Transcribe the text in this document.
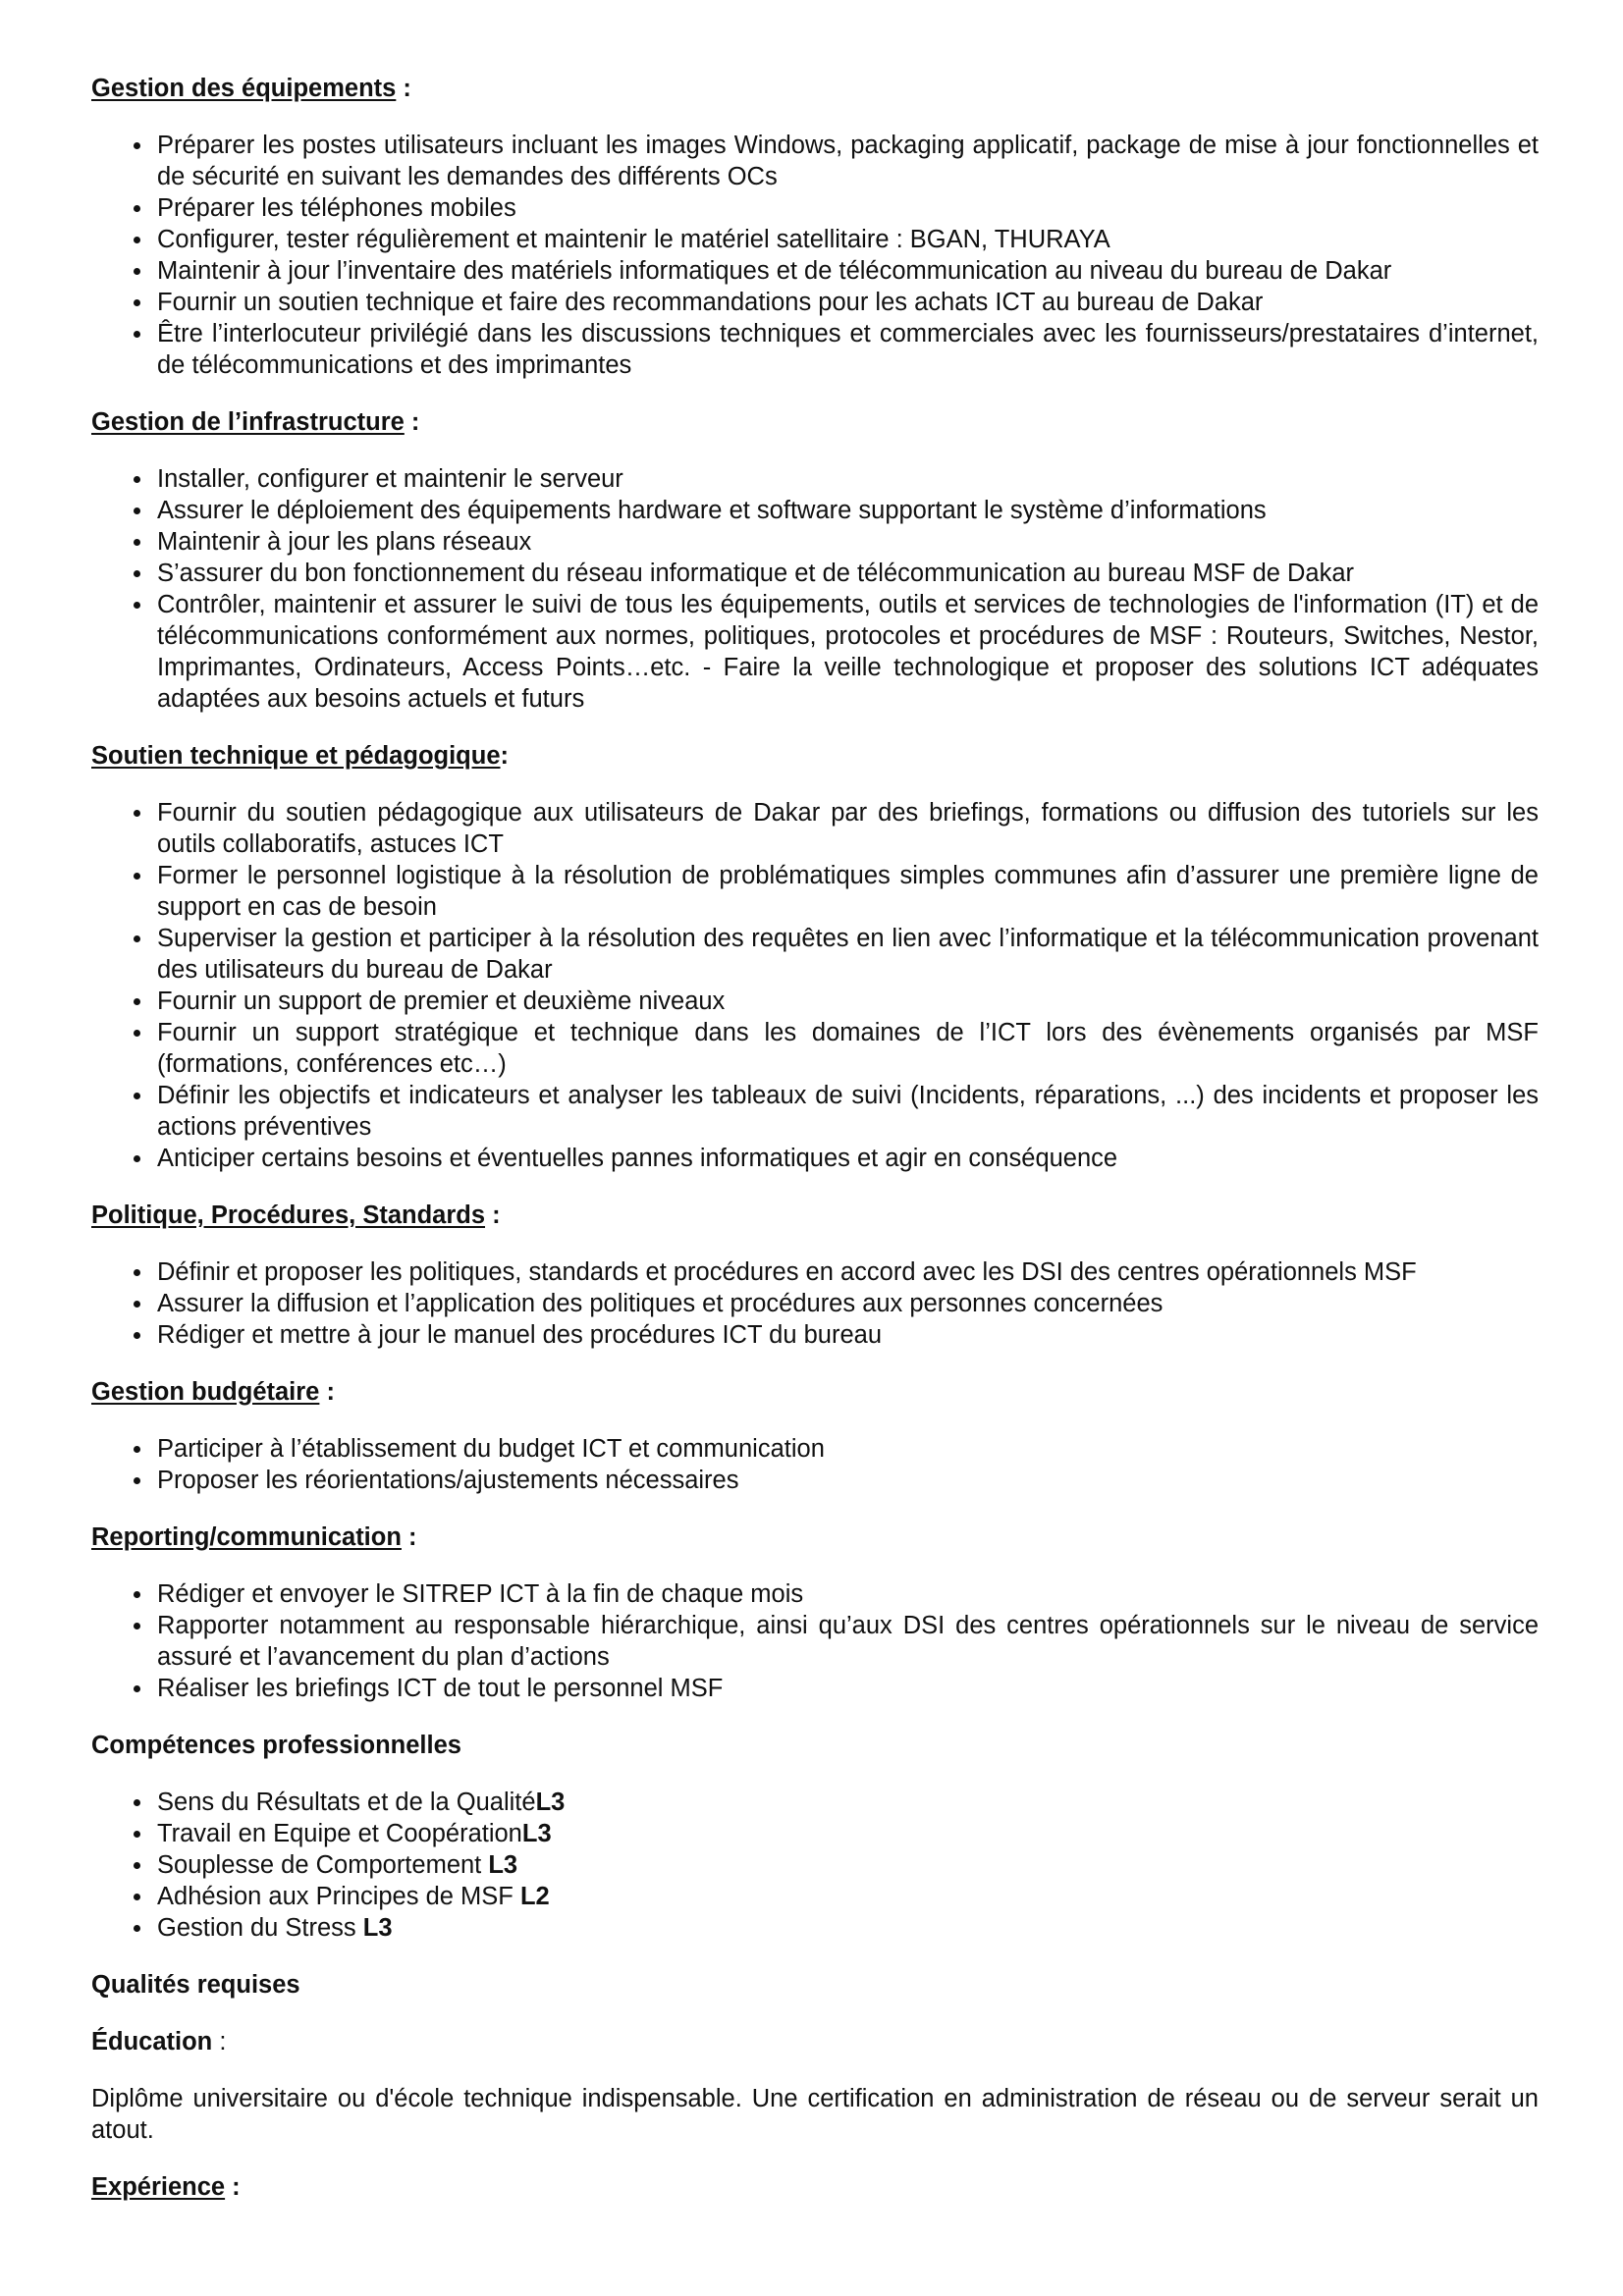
Gestion des équipements :
Préparer les postes utilisateurs incluant les images Windows, packaging applicatif, package de mise à jour fonctionnelles et de sécurité en suivant les demandes des différents OCs
Préparer les téléphones mobiles
Configurer, tester régulièrement et maintenir le matériel satellitaire : BGAN, THURAYA
Maintenir à jour l’inventaire des matériels informatiques et de télécommunication au niveau du bureau de Dakar
Fournir un soutien technique et faire des recommandations pour les achats ICT au bureau de Dakar
Être l’interlocuteur privilégié dans les discussions techniques et commerciales avec les fournisseurs/prestataires d’internet, de télécommunications et des imprimantes
Gestion de l’infrastructure :
Installer, configurer et maintenir le serveur
Assurer le déploiement des équipements hardware et software supportant le système d’informations
Maintenir à jour les plans réseaux
S’assurer du bon fonctionnement du réseau informatique et de télécommunication au bureau MSF de Dakar
Contrôler, maintenir et assurer le suivi de tous les équipements, outils et services de technologies de l'information (IT) et de télécommunications conformément aux normes, politiques, protocoles et procédures de MSF : Routeurs, Switches, Nestor, Imprimantes, Ordinateurs, Access Points…etc. - Faire la veille technologique et proposer des solutions ICT adéquates adaptées aux besoins actuels et futurs
Soutien technique et pédagogique:
Fournir du soutien pédagogique aux utilisateurs de Dakar par des briefings, formations ou diffusion des tutoriels sur les outils collaboratifs, astuces ICT
Former le personnel logistique à la résolution de problématiques simples communes afin d’assurer une première ligne de support en cas de besoin
Superviser la gestion et participer à la résolution des requêtes en lien avec l’informatique et la télécommunication provenant des utilisateurs du bureau de Dakar
Fournir un support de premier et deuxième niveaux
Fournir un support stratégique et technique dans les domaines de l’ICT lors des évènements organisés par MSF (formations, conférences etc…)
Définir les objectifs et indicateurs et analyser les tableaux de suivi (Incidents, réparations, ...) des incidents et proposer les actions préventives
Anticiper certains besoins et éventuelles pannes informatiques et agir en conséquence
Politique, Procédures, Standards :
Définir et proposer les politiques, standards et procédures en accord avec les DSI des centres opérationnels MSF
Assurer la diffusion et l’application des politiques et procédures aux personnes concernées
Rédiger et mettre à jour le manuel des procédures ICT du bureau
Gestion budgétaire :
Participer à l’établissement du budget ICT et communication
Proposer les réorientations/ajustements nécessaires
Reporting/communication :
Rédiger et envoyer le SITREP ICT à la fin de chaque mois
Rapporter notamment au responsable hiérarchique, ainsi qu’aux DSI des centres opérationnels sur le niveau de service assuré et l’avancement du plan d’actions
Réaliser les briefings ICT de tout le personnel MSF
Compétences professionnelles
Sens du Résultats et de la QualitéL3
Travail en Equipe et CoopérationL3
Souplesse de Comportement L3
Adhésion aux Principes de MSF L2
Gestion du Stress L3
Qualités requises
Éducation :
Diplôme universitaire ou d'école technique indispensable. Une certification en administration de réseau ou de serveur serait un atout.
Expérience :
